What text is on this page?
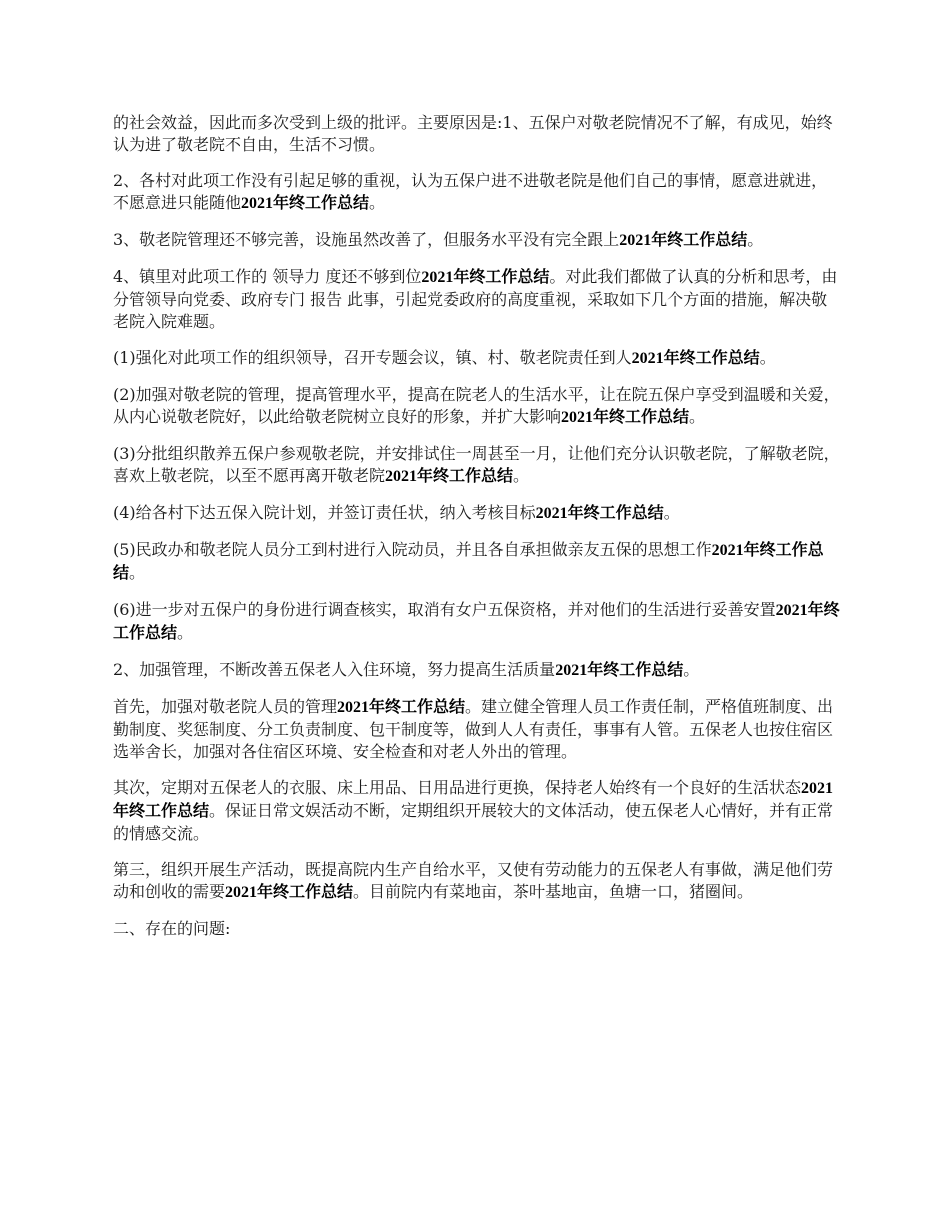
的社会效益，因此而多次受到上级的批评。主要原因是:1、五保户对敬老院情况不了解，有成见，始终认为进了敬老院不自由，生活不习惯。

2、各村对此项工作没有引起足够的重视，认为五保户进不进敬老院是他们自己的事情，愿意进就进，不愿意进只能随他2021年终工作总结。

3、敬老院管理还不够完善，设施虽然改善了，但服务水平没有完全跟上2021年终工作总结。

4、镇里对此项工作的 领导力 度还不够到位2021年终工作总结。对此我们都做了认真的分析和思考，由分管领导向党委、政府专门 报告 此事，引起党委政府的高度重视，采取如下几个方面的措施，解决敬老院入院难题。

(1)强化对此项工作的组织领导，召开专题会议，镇、村、敬老院责任到人2021年终工作总结。

(2)加强对敬老院的管理，提高管理水平，提高在院老人的生活水平，让在院五保户享受到温暖和关爱，从内心说敬老院好，以此给敬老院树立良好的形象，并扩大影响2021年终工作总结。

(3)分批组织散养五保户参观敬老院，并安排试住一周甚至一月，让他们充分认识敬老院，了解敬老院，喜欢上敬老院，以至不愿再离开敬老院2021年终工作总结。

(4)给各村下达五保入院计划，并签订责任状，纳入考核目标2021年终工作总结。

(5)民政办和敬老院人员分工到村进行入院动员，并且各自承担做亲友五保的思想工作2021年终工作总结。

(6)进一步对五保户的身份进行调查核实，取消有女户五保资格，并对他们的生活进行妥善安置2021年终工作总结。

2、加强管理，不断改善五保老人入住环境，努力提高生活质量2021年终工作总结。

首先，加强对敬老院人员的管理2021年终工作总结。建立健全管理人员工作责任制，严格值班制度、出勤制度、奖惩制度、分工负责制度、包干制度等，做到人人有责任，事事有人管。五保老人也按住宿区选举舍长，加强对各住宿区环境、安全检查和对老人外出的管理。

其次，定期对五保老人的衣服、床上用品、日用品进行更换，保持老人始终有一个良好的生活状态2021年终工作总结。保证日常文娱活动不断，定期组织开展较大的文体活动，使五保老人心情好，并有正常的情感交流。

第三，组织开展生产活动，既提高院内生产自给水平，又使有劳动能力的五保老人有事做，满足他们劳动和创收的需要2021年终工作总结。目前院内有菜地亩，茶叶基地亩，鱼塘一口，猪圈间。

二、存在的问题:
